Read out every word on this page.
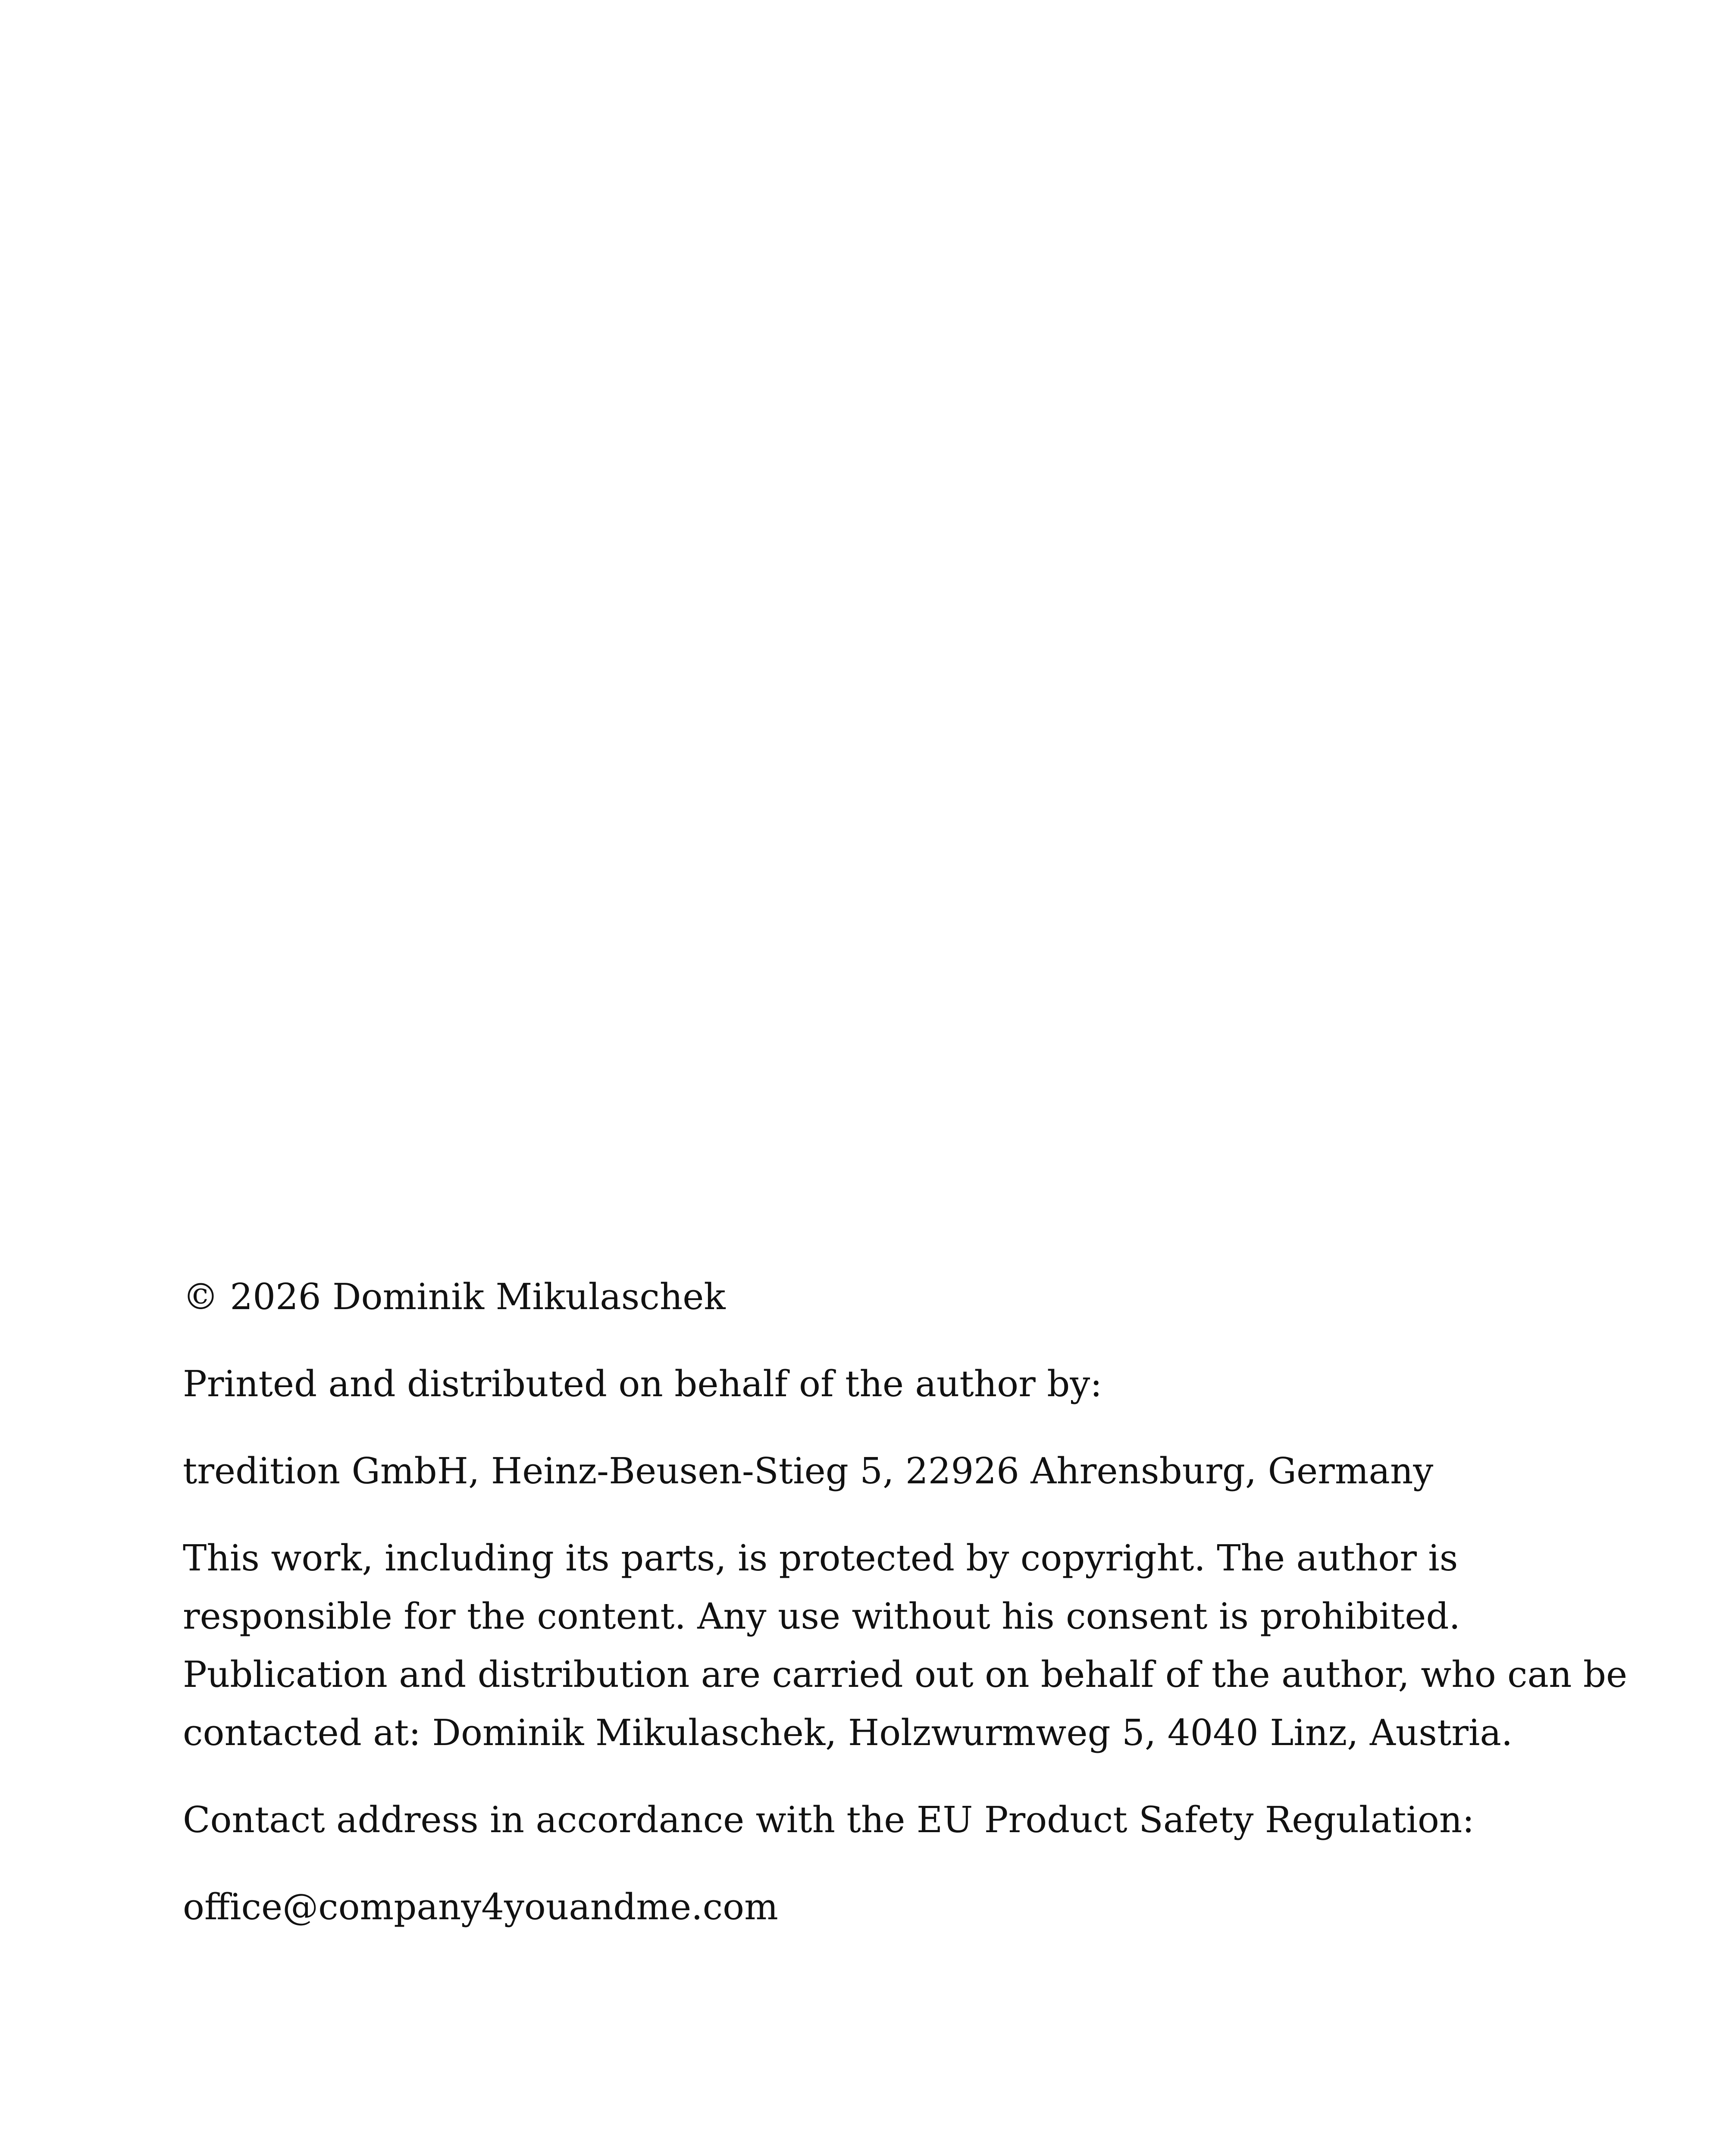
© 2026 Dominik Mikulaschek

Printed and distributed on behalf of the author by:

tredition GmbH, Heinz-Beusen-Stieg 5, 22926 Ahrensburg, Germany

This work, including its parts, is protected by copyright. The author is
responsible for the content. Any use without his consent is prohibited.
Publication and distribution are carried out on behalf of the author, who can be
contacted at: Dominik Mikulaschek, Holzwurmweg 5, 4040 Linz, Austria.

Contact address in accordance with the EU Product Safety Regulation:

office@company4youandme.com
